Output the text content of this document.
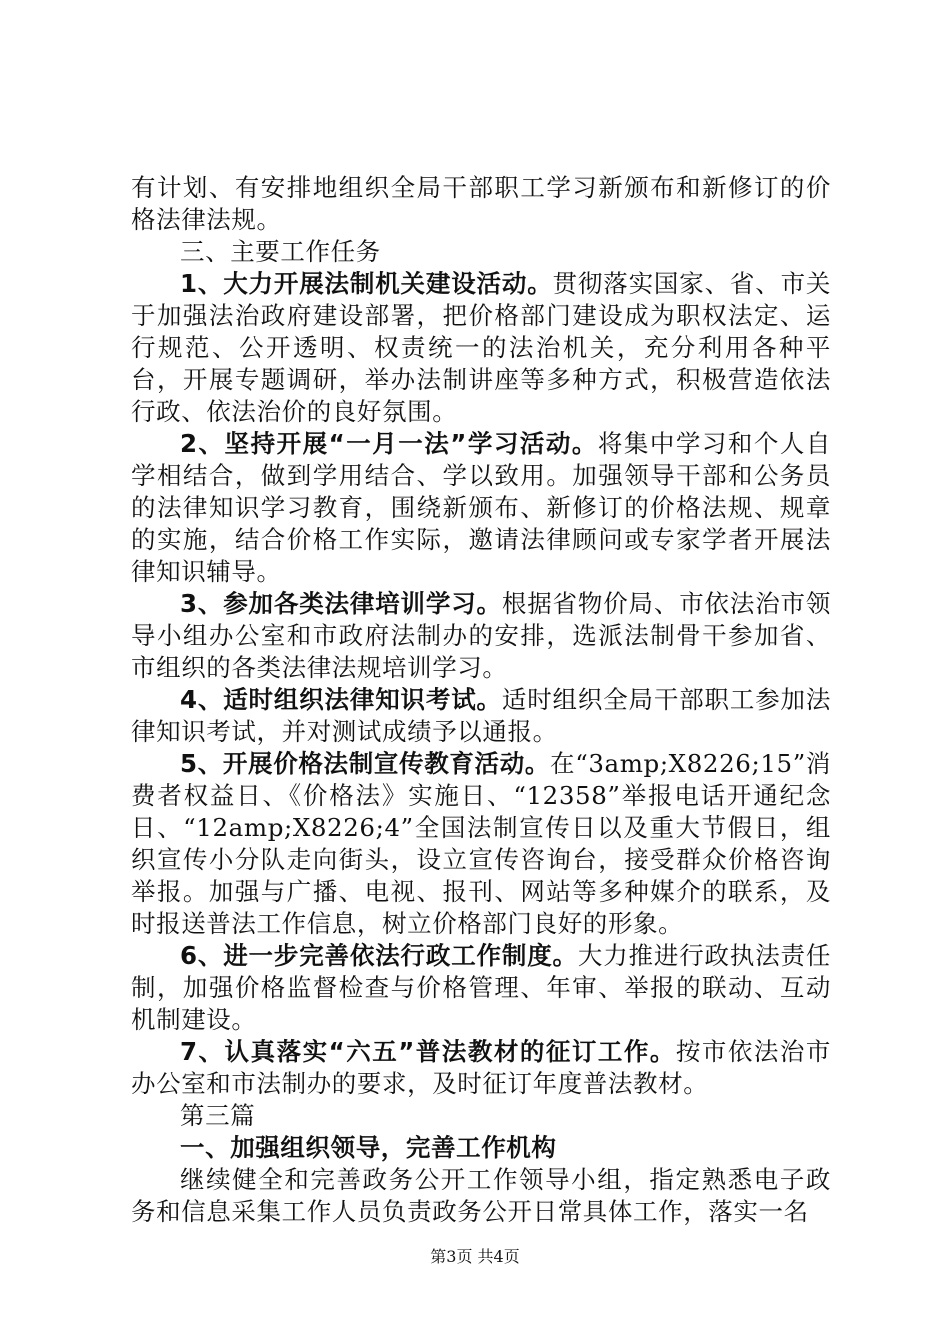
有计划、有安排地组织全局干部职工学习新颁布和新修订的价格法律法规。

三、主要工作任务

1、大力开展法制机关建设活动。贯彻落实国家、省、市关于加强法治政府建设部署，把价格部门建设成为职权法定、运行规范、公开透明、权责统一的法治机关，充分利用各种平台，开展专题调研，举办法制讲座等多种方式，积极营造依法行政、依法治价的良好氛围。

2、坚持开展“一月一法”学习活动。将集中学习和个人自学相结合，做到学用结合、学以致用。加强领导干部和公务员的法律知识学习教育，围绕新颁布、新修订的价格法规、规章的实施，结合价格工作实际，邀请法律顾问或专家学者开展法律知识辅导。

3、参加各类法律培训学习。根据省物价局、市依法治市领导小组办公室和市政府法制办的安排，选派法制骨干参加省、市组织的各类法律法规培训学习。

4、适时组织法律知识考试。适时组织全局干部职工参加法律知识考试，并对测试成绩予以通报。

5、开展价格法制宣传教育活动。在“3amp;X8226;15”消费者权益日、《价格法》实施日、“12358”举报电话开通纪念日、“12amp;X8226;4”全国法制宣传日以及重大节假日，组织宣传小分队走向街头，设立宣传咨询台，接受群众价格咨询举报。加强与广播、电视、报刊、网站等多种媒介的联系，及时报送普法工作信息，树立价格部门良好的形象。

6、进一步完善依法行政工作制度。大力推进行政执法责任制，加强价格监督检查与价格管理、年审、举报的联动、互动机制建设。

7、认真落实“六五”普法教材的征订工作。按市依法治市办公室和市法制办的要求，及时征订年度普法教材。

第三篇

一、加强组织领导，完善工作机构

继续健全和完善政务公开工作领导小组，指定熟悉电子政务和信息采集工作人员负责政务公开日常具体工作，落实一名

第3页 共4页
